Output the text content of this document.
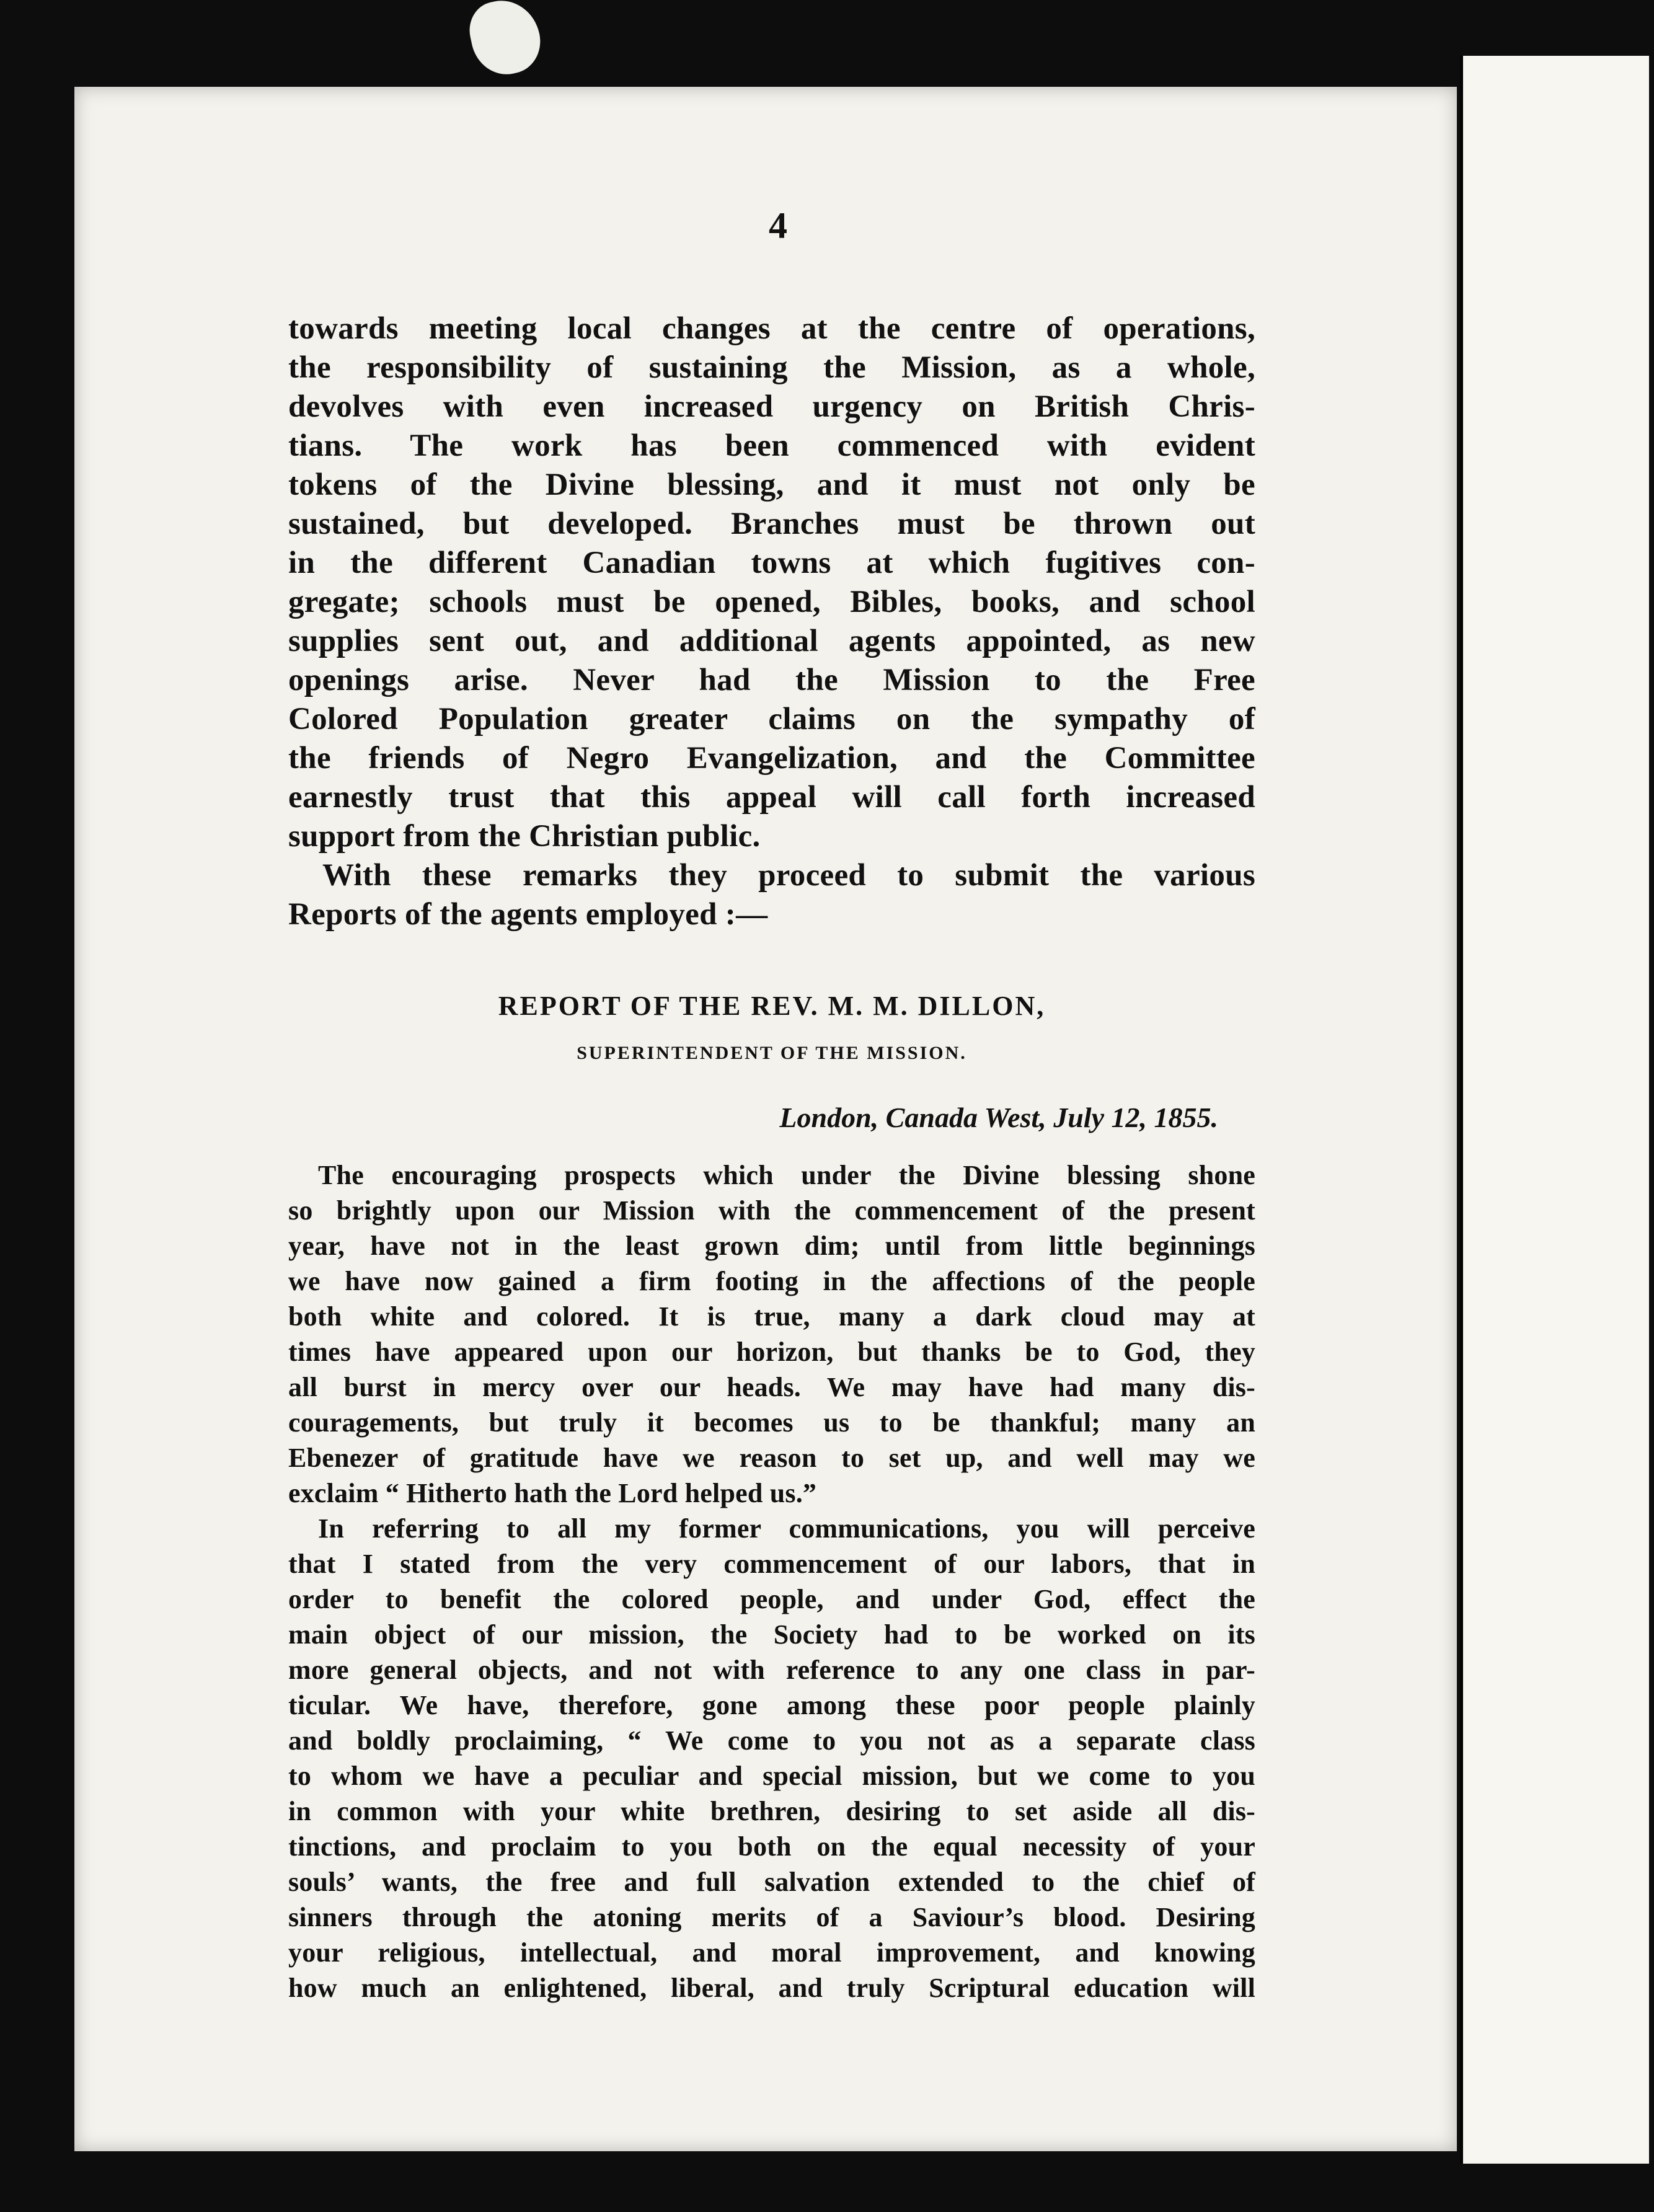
4
towards meeting local changes at the centre of operations,
the responsibility of sustaining the Mission, as a whole,
devolves with even increased urgency on British Chris-
tians. The work has been commenced with evident
tokens of the Divine blessing, and it must not only be
sustained, but developed. Branches must be thrown out
in the different Canadian towns at which fugitives con-
gregate; schools must be opened, Bibles, books, and school
supplies sent out, and additional agents appointed, as new
openings arise. Never had the Mission to the Free
Colored Population greater claims on the sympathy of
the friends of Negro Evangelization, and the Committee
earnestly trust that this appeal will call forth increased
support from the Christian public.
With these remarks they proceed to submit the various
Reports of the agents employed :—
REPORT OF THE REV. M. M. DILLON,
SUPERINTENDENT OF THE MISSION.
London, Canada West, July 12, 1855.
The encouraging prospects which under the Divine blessing shone
so brightly upon our Mission with the commencement of the present
year, have not in the least grown dim; until from little beginnings
we have now gained a firm footing in the affections of the people
both white and colored. It is true, many a dark cloud may at
times have appeared upon our horizon, but thanks be to God, they
all burst in mercy over our heads. We may have had many dis-
couragements, but truly it becomes us to be thankful; many an
Ebenezer of gratitude have we reason to set up, and well may we
exclaim “ Hitherto hath the Lord helped us.”
In referring to all my former communications, you will perceive
that I stated from the very commencement of our labors, that in
order to benefit the colored people, and under God, effect the
main object of our mission, the Society had to be worked on its
more general objects, and not with reference to any one class in par-
ticular. We have, therefore, gone among these poor people plainly
and boldly proclaiming, “ We come to you not as a separate class
to whom we have a peculiar and special mission, but we come to you
in common with your white brethren, desiring to set aside all dis-
tinctions, and proclaim to you both on the equal necessity of your
souls’ wants, the free and full salvation extended to the chief of
sinners through the atoning merits of a Saviour’s blood. Desiring
your religious, intellectual, and moral improvement, and knowing
how much an enlightened, liberal, and truly Scriptural education will
